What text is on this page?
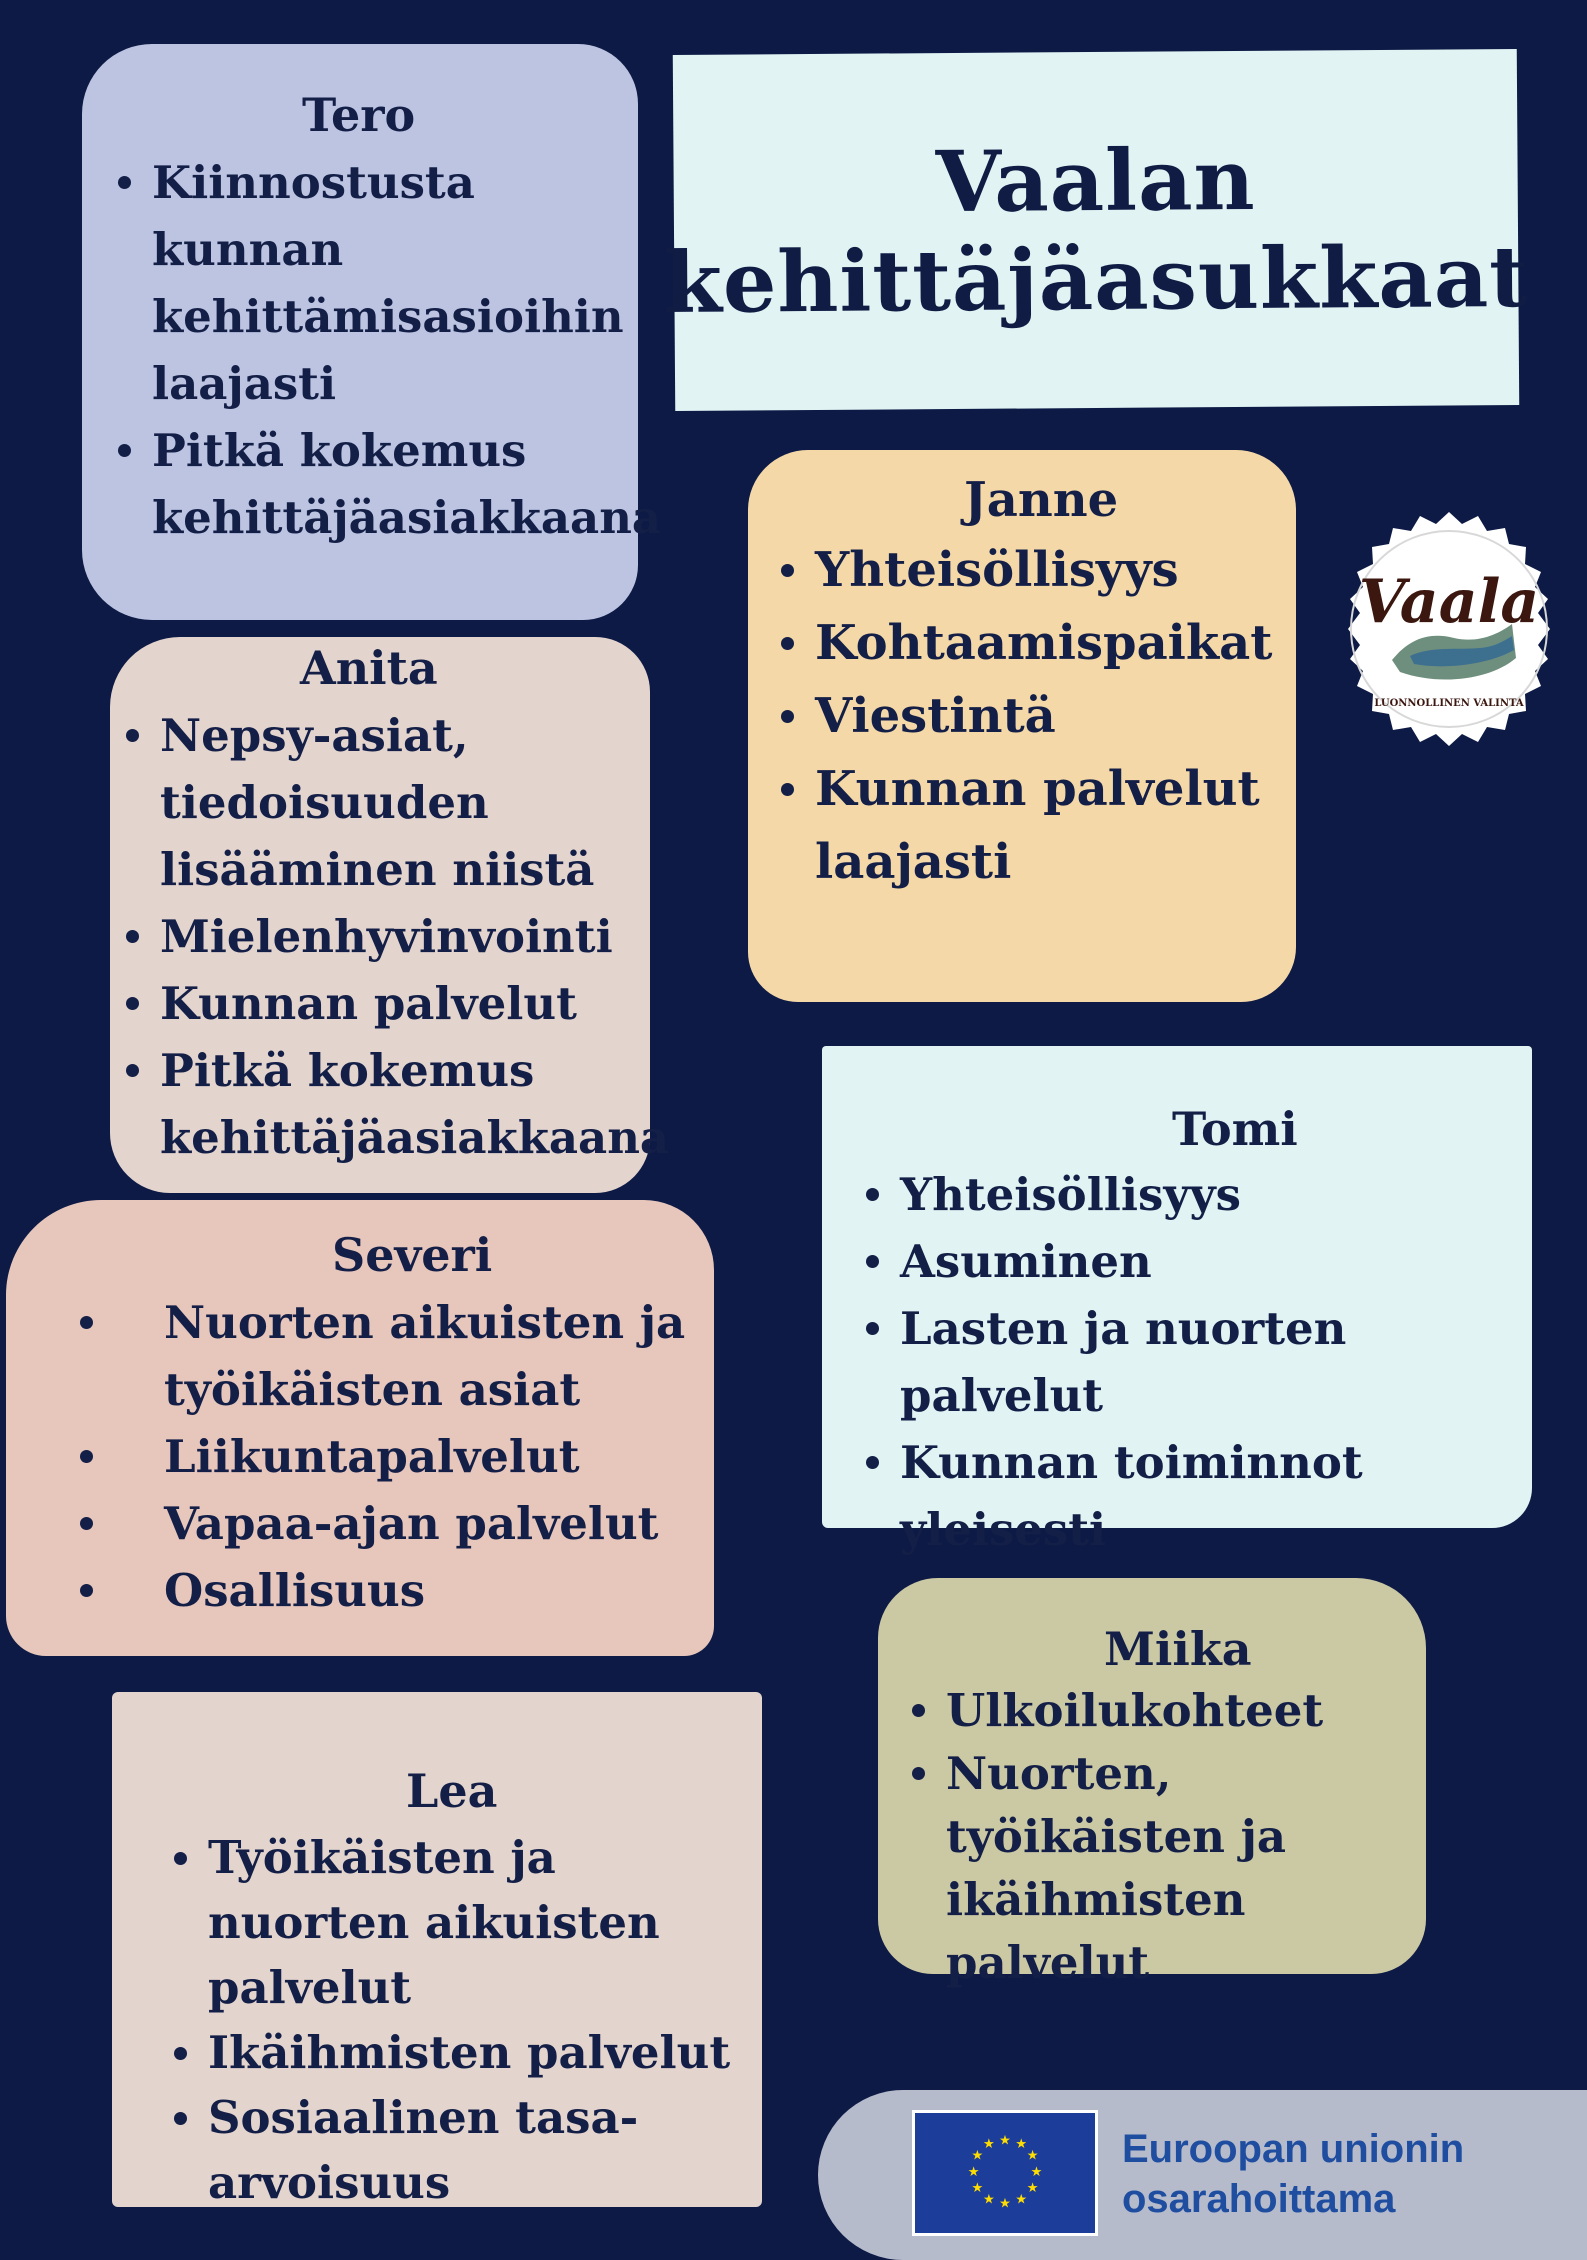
Vaalan
kehittäjäasukkaat
Tero
Kiinnostusta kunnan kehittämisasioihin laajasti
Pitkä kokemus kehittäjäasiakkaana
Anita
Nepsy-asiat, tiedoisuuden lisääminen niistä
Mielenhyvinvointi
Kunnan palvelut
Pitkä kokemus kehittäjäasiakkaana
Severi
Nuorten aikuisten ja työikäisten asiat
Liikuntapalvelut
Vapaa-ajan palvelut
Osallisuus
Lea
Työikäisten ja nuorten aikuisten palvelut
Ikäihmisten palvelut
Sosiaalinen tasa-arvoisuus
Janne
Yhteisöllisyys
Kohtaamispaikat
Viestintä
Kunnan palvelut laajasti
Tomi
Yhteisöllisyys
Asuminen
Lasten ja nuorten palvelut
Kunnan toiminnot yleisesti
Miika
Ulkoilukohteet
Nuorten, työikäisten ja ikäihmisten palvelut
Vaala
LUONNOLLINEN VALINTA
★ ★
★
★
★
★
★
★
★
★
★
★	Euroopan unionin
osarahoittama
